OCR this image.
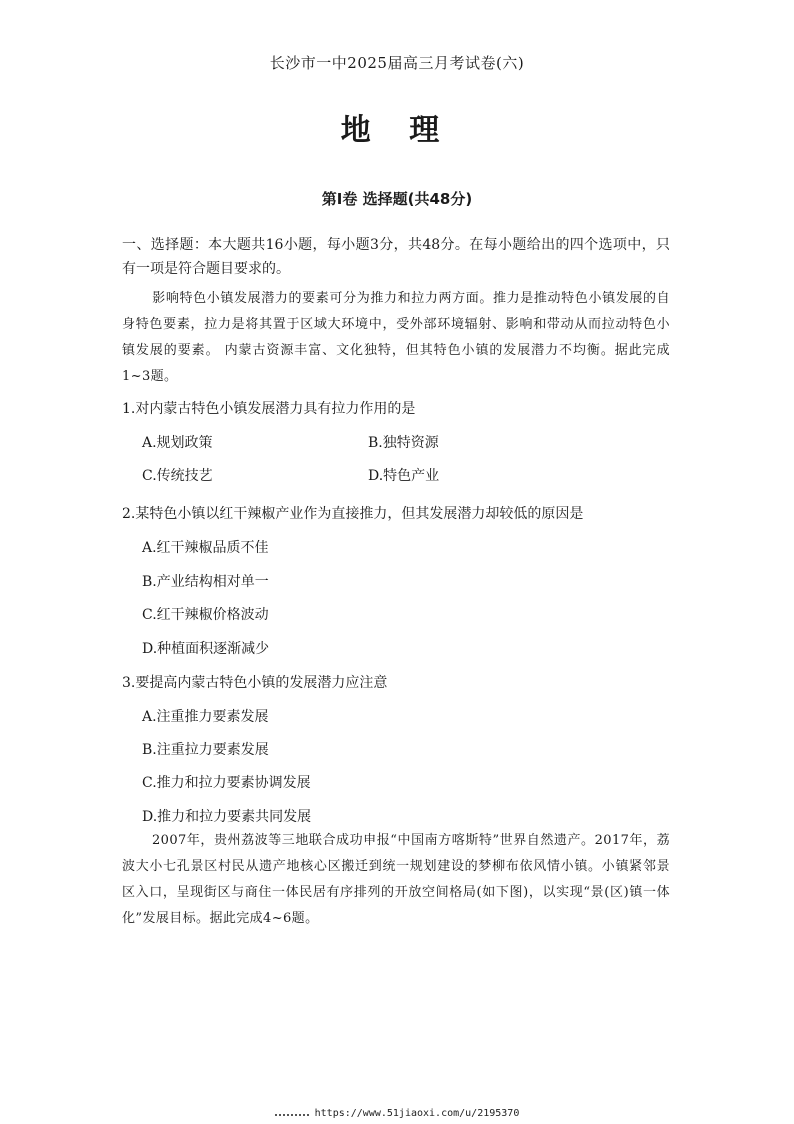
长沙市一中2025届高三月考试卷(六)
地 理
第Ⅰ卷 选择题(共48分)
一、选择题：本大题共16小题，每小题3分，共48分。在每小题给出的四个选项中，只有一项是符合题目要求的。
影响特色小镇发展潜力的要素可分为推力和拉力两方面。推力是推动特色小镇发展的自身特色要素，拉力是将其置于区域大环境中，受外部环境辐射、影响和带动从而拉动特色小镇发展的要素。 内蒙古资源丰富、文化独特，但其特色小镇的发展潜力不均衡。据此完成1~3题。
1.对内蒙古特色小镇发展潜力具有拉力作用的是
A.规划政策	B.独特资源
C.传统技艺	D.特色产业
2.某特色小镇以红干辣椒产业作为直接推力，但其发展潜力却较低的原因是
A.红干辣椒品质不佳
B.产业结构相对单一
C.红干辣椒价格波动
D.种植面积逐渐减少
3.要提高内蒙古特色小镇的发展潜力应注意
A.注重推力要素发展
B.注重拉力要素发展
C.推力和拉力要素协调发展
D.推力和拉力要素共同发展
2007年，贵州荔波等三地联合成功申报“中国南方喀斯特”世界自然遗产。2017年，荔波大小七孔景区村民从遗产地核心区搬迁到统一规划建设的梦柳布依风情小镇。小镇紧邻景区入口，呈现街区与商住一体民居有序排列的开放空间格局(如下图)，以实现“景(区)镇一体化”发展目标。据此完成4~6题。
https://www.51jiaoxi.com/u/2195370
